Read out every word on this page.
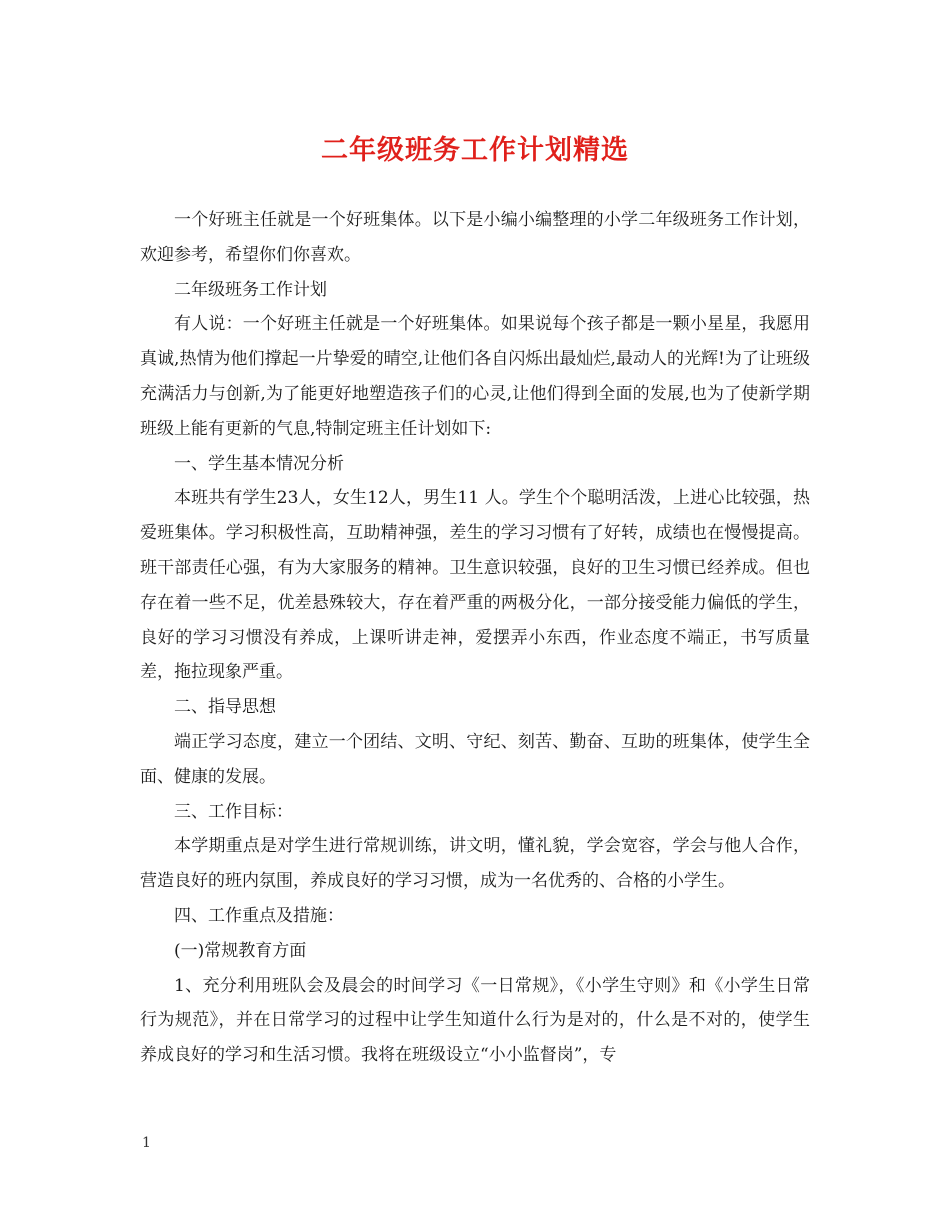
二年级班务工作计划精选

一个好班主任就是一个好班集体。以下是小编小编整理的小学二年级班务工作计划，欢迎参考，希望你们你喜欢。

二年级班务工作计划

有人说：一个好班主任就是一个好班集体。如果说每个孩子都是一颗小星星，我愿用真诚,热情为他们撑起一片挚爱的晴空,让他们各自闪烁出最灿烂,最动人的光辉!为了让班级充满活力与创新,为了能更好地塑造孩子们的心灵,让他们得到全面的发展,也为了使新学期班级上能有更新的气息,特制定班主任计划如下:

一、学生基本情况分析

本班共有学生23人，女生12人，男生11 人。学生个个聪明活泼，上进心比较强，热爱班集体。学习积极性高，互助精神强，差生的学习习惯有了好转，成绩也在慢慢提高。班干部责任心强，有为大家服务的精神。卫生意识较强，良好的卫生习惯已经养成。但也存在着一些不足，优差悬殊较大，存在着严重的两极分化，一部分接受能力偏低的学生，良好的学习习惯没有养成，上课听讲走神，爱摆弄小东西，作业态度不端正，书写质量差，拖拉现象严重。

二、指导思想

端正学习态度，建立一个团结、文明、守纪、刻苦、勤奋、互助的班集体，使学生全面、健康的发展。

三、工作目标：

本学期重点是对学生进行常规训练，讲文明，懂礼貌，学会宽容，学会与他人合作，营造良好的班内氛围，养成良好的学习习惯，成为一名优秀的、合格的小学生。

四、工作重点及措施：

(一)常规教育方面

1、充分利用班队会及晨会的时间学习《一日常规》，《小学生守则》和《小学生日常行为规范》，并在日常学习的过程中让学生知道什么行为是对的，什么是不对的，使学生养成良好的学习和生活习惯。我将在班级设立“小小监督岗”，专

1
